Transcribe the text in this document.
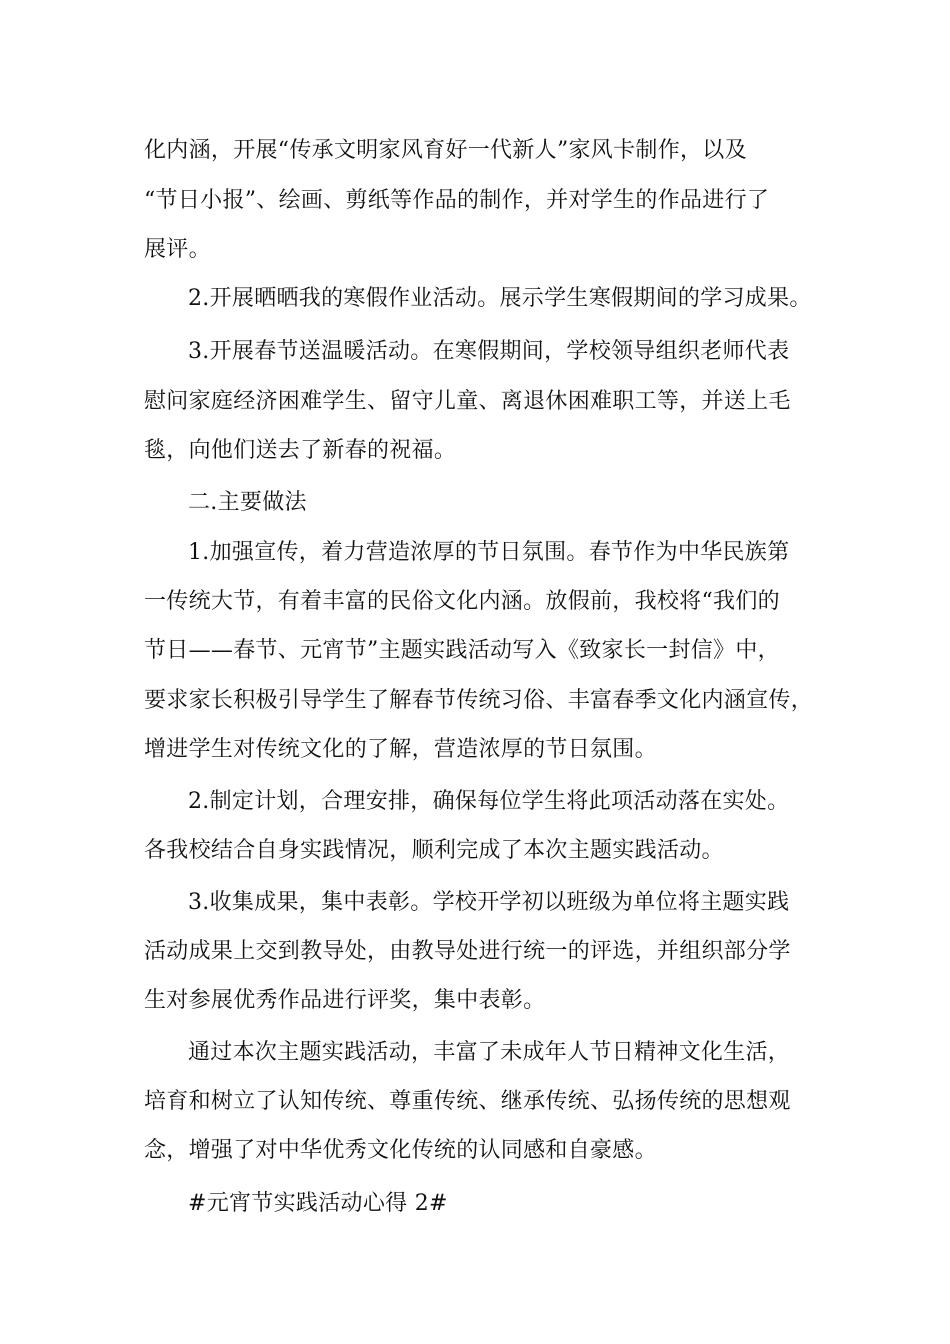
化内涵，开展“传承文明家风育好一代新人”家风卡制作，以及
“节日小报”、绘画、剪纸等作品的制作，并对学生的作品进行了
展评。
2.开展晒晒我的寒假作业活动。展示学生寒假期间的学习成果。
3.开展春节送温暖活动。在寒假期间，学校领导组织老师代表
慰问家庭经济困难学生、留守儿童、离退休困难职工等，并送上毛
毯，向他们送去了新春的祝福。
二.主要做法
1.加强宣传，着力营造浓厚的节日氛围。春节作为中华民族第
一传统大节，有着丰富的民俗文化内涵。放假前，我校将“我们的
节日——春节、元宵节”主题实践活动写入《致家长一封信》中，
要求家长积极引导学生了解春节传统习俗、丰富春季文化内涵宣传，
增进学生对传统文化的了解，营造浓厚的节日氛围。
2.制定计划，合理安排，确保每位学生将此项活动落在实处。
各我校结合自身实践情况，顺利完成了本次主题实践活动。
3.收集成果，集中表彰。学校开学初以班级为单位将主题实践
活动成果上交到教导处，由教导处进行统一的评选，并组织部分学
生对参展优秀作品进行评奖，集中表彰。
通过本次主题实践活动，丰富了未成年人节日精神文化生活，
培育和树立了认知传统、尊重传统、继承传统、弘扬传统的思想观
念，增强了对中华优秀文化传统的认同感和自豪感。
#元宵节实践活动心得 2#
